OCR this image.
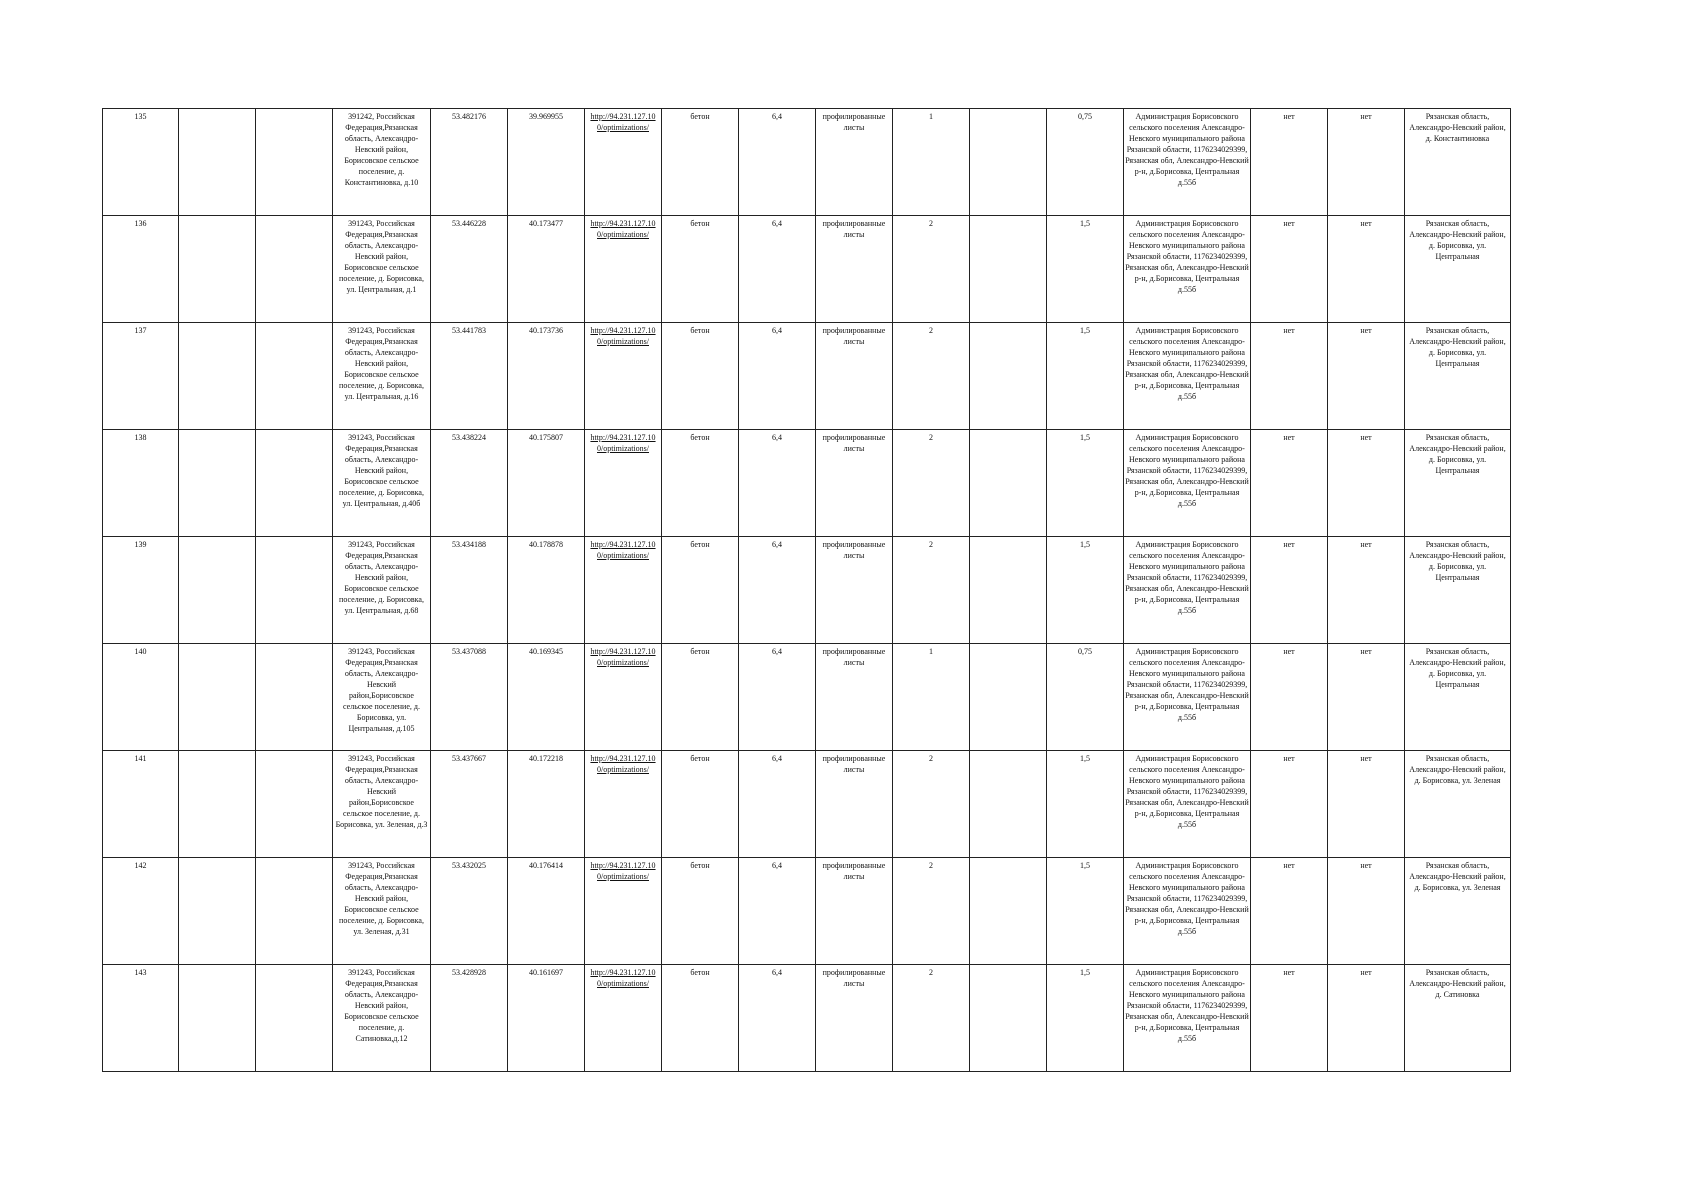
135			391242, Российская Федерация,Рязанская область, Александро-Невский район, Борисовское сельское поселение, д. Константиновка, д.10	53.482176	39.969955	http://94.231.127.10 0/optimizations/	бетон	6,4	профилированные листы	1		0,75	Администрация Борисовского сельского поселения Александро-Невского муниципального района Рязанской области, 1176234029399, Рязанская обл, Александро-Невский р-н, д.Борисовка, Центральная д.55б	нет	нет	Рязанская область, Александро-Невский район, д. Константиновка
136			391243, Российская Федерация,Рязанская область, Александро-Невский район, Борисовское сельское поселение, д. Борисовка, ул. Центральная, д.1	53.446228	40.173477	http://94.231.127.10 0/optimizations/	бетон	6,4	профилированные листы	2		1,5	Администрация Борисовского сельского поселения Александро-Невского муниципального района Рязанской области, 1176234029399, Рязанская обл, Александро-Невский р-н, д.Борисовка, Центральная д.55б	нет	нет	Рязанская область, Александро-Невский район, д. Борисовка, ул. Центральная
137			391243, Российская Федерация,Рязанская область, Александро-Невский район, Борисовское сельское поселение, д. Борисовка, ул. Центральная, д.16	53.441783	40.173736	http://94.231.127.10 0/optimizations/	бетон	6,4	профилированные листы	2		1,5	Администрация Борисовского сельского поселения Александро-Невского муниципального района Рязанской области, 1176234029399, Рязанская обл, Александро-Невский р-н, д.Борисовка, Центральная д.55б	нет	нет	Рязанская область, Александро-Невский район, д. Борисовка, ул. Центральная
138			391243, Российская Федерация,Рязанская область, Александро-Невский район, Борисовское сельское поселение, д. Борисовка, ул. Центральная, д.40б	53.438224	40.175807	http://94.231.127.10 0/optimizations/	бетон	6,4	профилированные листы	2		1,5	Администрация Борисовского сельского поселения Александро-Невского муниципального района Рязанской области, 1176234029399, Рязанская обл, Александро-Невский р-н, д.Борисовка, Центральная д.55б	нет	нет	Рязанская область, Александро-Невский район, д. Борисовка, ул. Центральная
139			391243, Российская Федерация,Рязанская область, Александро-Невский район, Борисовское сельское поселение, д. Борисовка, ул. Центральная, д.68	53.434188	40.178878	http://94.231.127.10 0/optimizations/	бетон	6,4	профилированные листы	2		1,5	Администрация Борисовского сельского поселения Александро-Невского муниципального района Рязанской области, 1176234029399, Рязанская обл, Александро-Невский р-н, д.Борисовка, Центральная д.55б	нет	нет	Рязанская область, Александро-Невский район, д. Борисовка, ул. Центральная
140			391243, Российская Федерация,Рязанская область, Александро-Невский район,Борисовское сельское поселение, д. Борисовка, ул. Центральная, д.105	53.437088	40.169345	http://94.231.127.10 0/optimizations/	бетон	6,4	профилированные листы	1		0,75	Администрация Борисовского сельского поселения Александро-Невского муниципального района Рязанской области, 1176234029399, Рязанская обл, Александро-Невский р-н, д.Борисовка, Центральная д.55б	нет	нет	Рязанская область, Александро-Невский район, д. Борисовка, ул. Центральная
141			391243, Российская Федерация,Рязанская область, Александро-Невский район,Борисовское сельское поселение, д. Борисовка, ул. Зеленая, д.3	53.437667	40.172218	http://94.231.127.10 0/optimizations/	бетон	6,4	профилированные листы	2		1,5	Администрация Борисовского сельского поселения Александро-Невского муниципального района Рязанской области, 1176234029399, Рязанская обл, Александро-Невский р-н, д.Борисовка, Центральная д.55б	нет	нет	Рязанская область, Александро-Невский район, д. Борисовка, ул. Зеленая
142			391243, Российская Федерация,Рязанская область, Александро-Невский район, Борисовское сельское поселение, д. Борисовка, ул. Зеленая, д.31	53.432025	40.176414	http://94.231.127.10 0/optimizations/	бетон	6,4	профилированные листы	2		1,5	Администрация Борисовского сельского поселения Александро-Невского муниципального района Рязанской области, 1176234029399, Рязанская обл, Александро-Невский р-н, д.Борисовка, Центральная д.55б	нет	нет	Рязанская область, Александро-Невский район, д. Борисовка, ул. Зеленая
143			391243, Российская Федерация,Рязанская область, Александро-Невский район, Борисовское сельское поселение, д. Сатиновка,д.12	53.428928	40.161697	http://94.231.127.10 0/optimizations/	бетон	6,4	профилированные листы	2		1,5	Администрация Борисовского сельского поселения Александро-Невского муниципального района Рязанской области, 1176234029399, Рязанская обл, Александро-Невский р-н, д.Борисовка, Центральная д.55б	нет	нет	Рязанская область, Александро-Невский район, д. Сатиновка
